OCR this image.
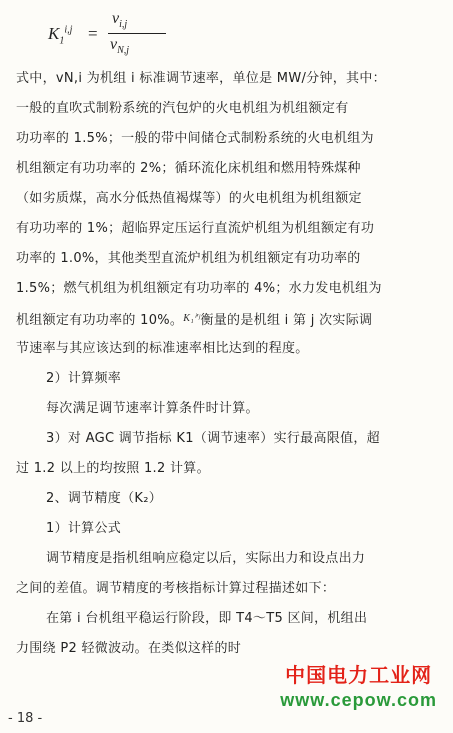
$K_1^{i,j}$ =
$v_{i,j}$
$v_{N,j}$
式中，vN,i 为机组 i 标准调节速率，单位是 MW/分钟，其中：
一般的直吹式制粉系统的汽包炉的火电机组为机组额定有
功功率的 1.5%；一般的带中间储仓式制粉系统的火电机组为
机组额定有功功率的 2%；循环流化床机组和燃用特殊煤种
（如劣质煤，高水分低热值褐煤等）的火电机组为机组额定
有功功率的 1%；超临界定压运行直流炉机组为机组额定有功
功率的 1.0%，其他类型直流炉机组为机组额定有功功率的
1.5%；燃气机组为机组额定有功功率的 4%；水力发电机组为
机组额定有功功率的 10%。$^{K_1^i'ʲ}$衡量的是机组 i 第 j 次实际调
节速率与其应该达到的标准速率相比达到的程度。
2）计算频率
每次满足调节速率计算条件时计算。
3）对 AGC 调节指标 K1（调节速率）实行最高限值，超
过 1.2 以上的均按照 1.2 计算。
2、调节精度（K₂）
1）计算公式
调节精度是指机组响应稳定以后，实际出力和设点出力
之间的差值。调节精度的考核指标计算过程描述如下：
在第 i 台机组平稳运行阶段，即 T4～T5 区间，机组出
力围绕 P2 轻微波动。在类似这样的时
中国电力工业网
www.cepow.com
- 18 -
